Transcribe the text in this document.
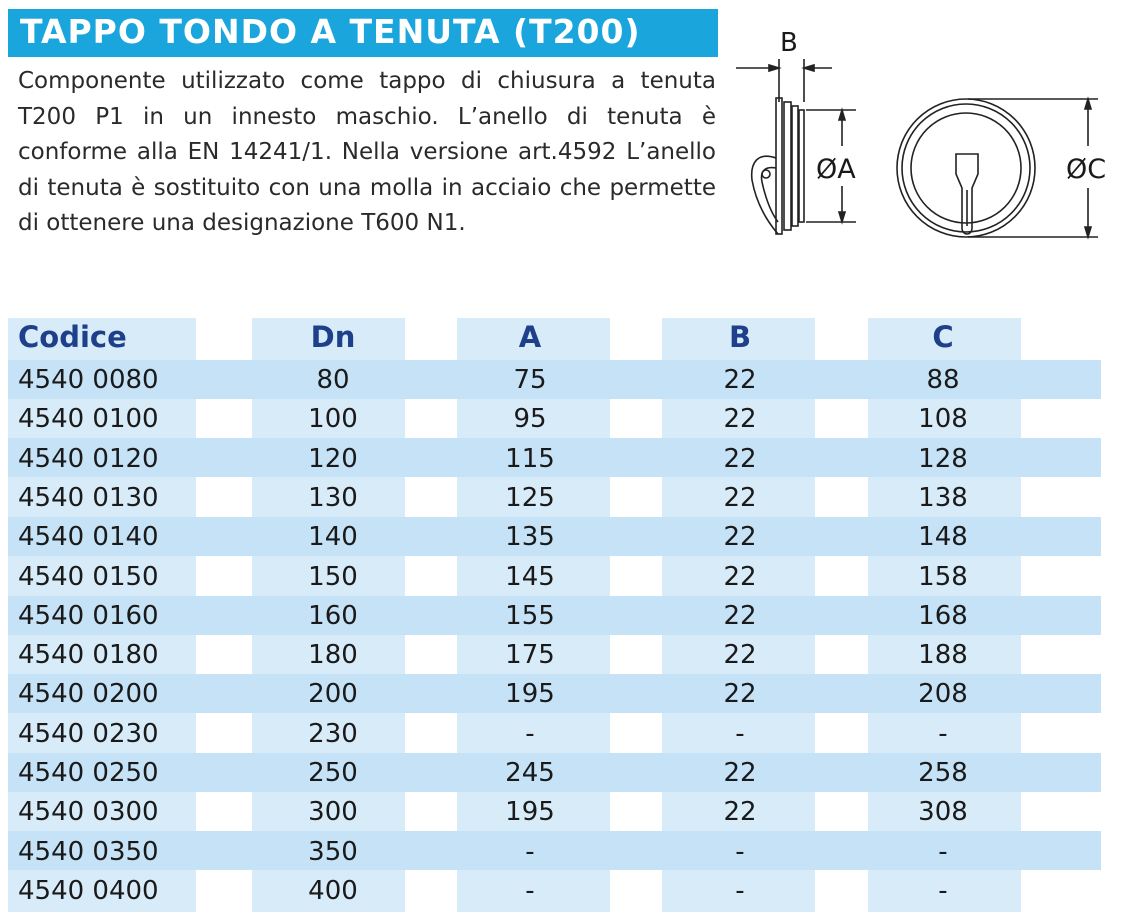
TAPPO TONDO A TENUTA (T200)

Componente utilizzato come tappo di chiusura a tenuta T200 P1 in un innesto maschio. L’anello di tenuta è conforme alla EN 14241/1. Nella versione art.4592 L’anello di tenuta è sostituito con una molla in acciaio che permette di ottenere una designazione T600 N1.

B
ØA	ØC
Codice	Dn	A	B	C
4540 0080	80	75	22	88
4540 0100	100	95	22	108
4540 0120	120	115	22	128
4540 0130	130	125	22	138
4540 0140	140	135	22	148
4540 0150	150	145	22	158
4540 0160	160	155	22	168
4540 0180	180	175	22	188
4540 0200	200	195	22	208
4540 0230	230	-	-	-
4540 0250	250	245	22	258
4540 0300	300	195	22	308
4540 0350	350	-	-	-
4540 0400	400	-	-	-
